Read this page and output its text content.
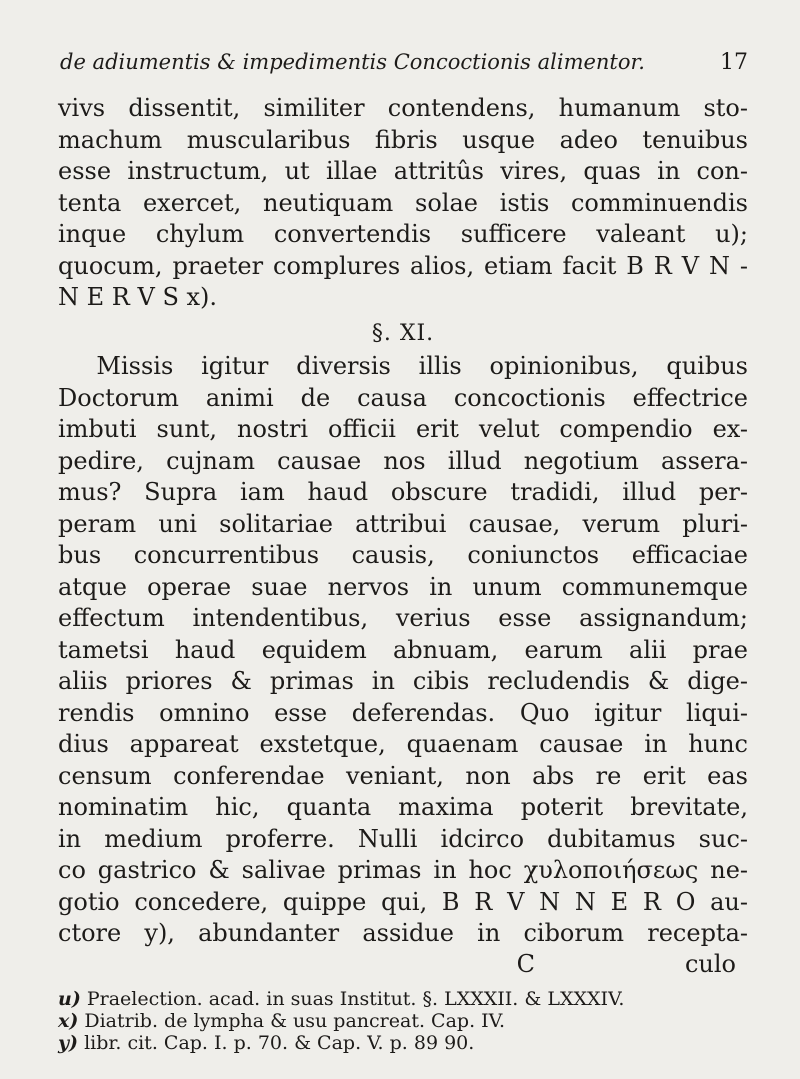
de adiumentis & impedimentis Concoctionis alimentor.	17
vivs dissentit, similiter contendens, humanum sto-
machum muscularibus fibris usque adeo tenuibus
esse instructum, ut illae attritûs vires, quas in con-
tenta exercet, neutiquam solae istis comminuendis
inque chylum convertendis sufficere valeant u);
quocum, praeter complures alios, etiam facit B R V N -
N E R V S x).
§. XI.
Missis igitur diversis illis opinionibus, quibus
Doctorum animi de causa concoctionis effectrice
imbuti sunt, nostri officii erit velut compendio ex-
pedire, cujnam causae nos illud negotium assera-
mus? Supra iam haud obscure tradidi, illud per-
peram uni solitariae attribui causae, verum pluri-
bus concurrentibus causis, coniunctos efficaciae
atque operae suae nervos in unum communemque
effectum intendentibus, verius esse assignandum;
tametsi haud equidem abnuam, earum alii prae
aliis priores & primas in cibis recludendis & dige-
rendis omnino esse deferendas. Quo igitur liqui-
dius appareat exstetque, quaenam causae in hunc
censum conferendae veniant, non abs re erit eas
nominatim hic, quanta maxima poterit brevitate,
in medium proferre. Nulli idcirco dubitamus suc-
co gastrico & salivae primas in hoc χυλοποιήσεως ne-
gotio concedere, quippe qui, B R V N N E R O au-
ctore y), abundanter assidue in ciborum recepta-
C	culo
u) Praelection. acad. in suas Institut. §. LXXXII. & LXXXIV.
x) Diatrib. de lympha & usu pancreat. Cap. IV.
y) libr. cit. Cap. I. p. 70. & Cap. V. p. 89 90.
